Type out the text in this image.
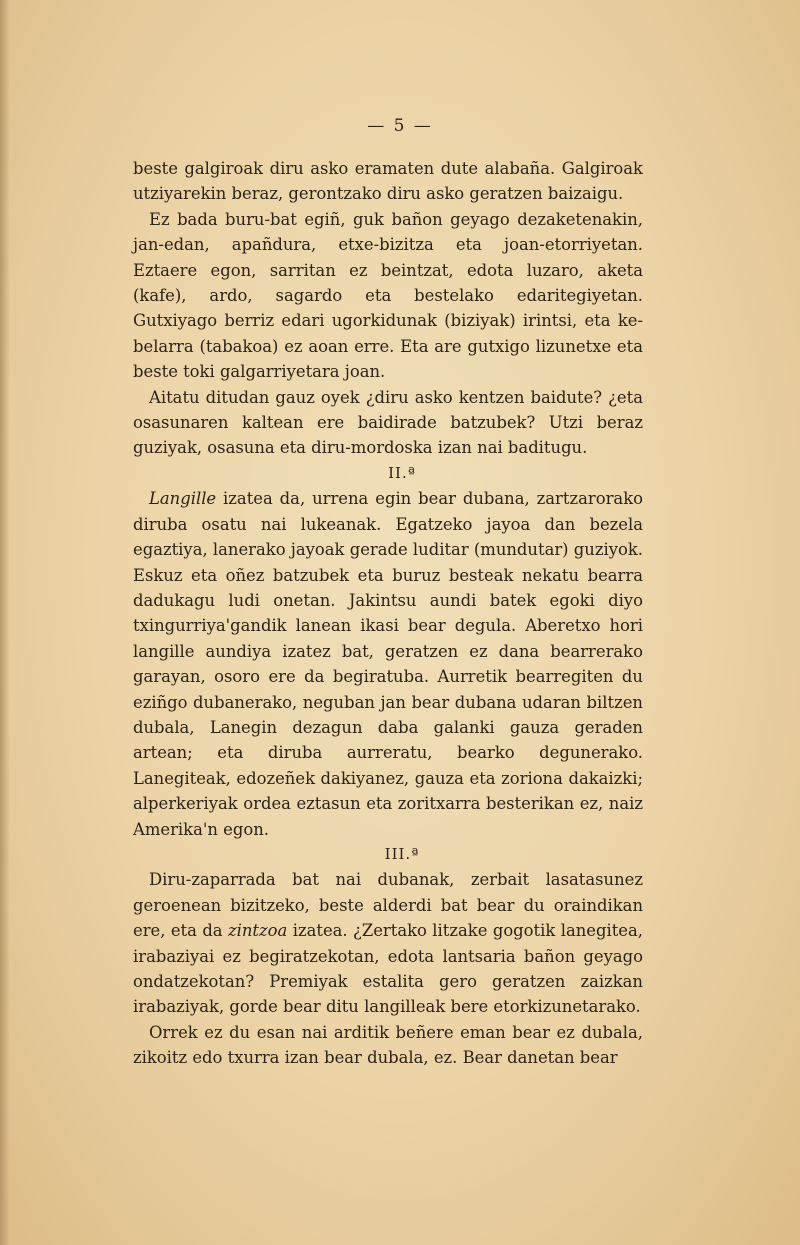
— 5 —

beste galgiroak diru asko eramaten dute alabaña. Galgiroak utziyarekin beraz, gerontzako diru asko geratzen baizaigu.

Ez bada buru-bat egiñ, guk bañon geyago dezaketenakin, jan-edan, apañdura, etxe-bizitza eta joan-etorriyetan. Eztaere egon, sarritan ez beintzat, edota luzaro, aketa (kafe), ardo, sagardo eta bestelako edaritegiyetan. Gutxiyago berriz edari ugorkidunak (biziyak) irintsi, eta ke-belarra (tabakoa) ez aoan erre. Eta are gutxigo lizunetxe eta beste toki galgarriyetara joan.

Aitatu ditudan gauz oyek ¿diru asko kentzen baidute? ¿eta osasunaren kaltean ere baidirade batzubek? Utzi beraz guziyak, osasuna eta diru-mordoska izan nai baditugu.

II.ª

Langille izatea da, urrena egin bear dubana, zartzarorako diruba osatu nai lukeanak. Egatzeko jayoa dan bezela egaztiya, lanerako jayoak gerade luditar (mundutar) guziyok. Eskuz eta oñez batzubek eta buruz besteak nekatu bearra dadukagu ludi onetan. Jakintsu aundi batek egoki diyo txingurriya'gandik lanean ikasi bear degula. Aberetxo hori langille aundiya izatez bat, geratzen ez dana bearrerako garayan, osoro ere da begiratuba. Aurretik bearregiten du eziñgo dubanerako, neguban jan bear dubana udaran biltzen dubala, Lanegin dezagun daba galanki gauza geraden artean; eta diruba aurreratu, bearko degunerako. Lanegiteak, edozeñek dakiyanez, gauza eta zoriona dakaizki; alperkeriyak ordea eztasun eta zoritxarra besterikan ez, naiz Amerika'n egon.

III.ª

Diru-zaparrada bat nai dubanak, zerbait lasatasunez geroenean bizitzeko, beste alderdi bat bear du oraindikan ere, eta da zintzoa izatea. ¿Zertako litzake gogotik lanegitea, irabaziyai ez begiratzekotan, edota lantsaria bañon geyago ondatzekotan? Premiyak estalita gero geratzen zaizkan irabaziyak, gorde bear ditu langilleak bere etorkizunetarako.

Orrek ez du esan nai arditik beñere eman bear ez dubala, zikoitz edo txurra izan bear dubala, ez. Bear danetan bear
